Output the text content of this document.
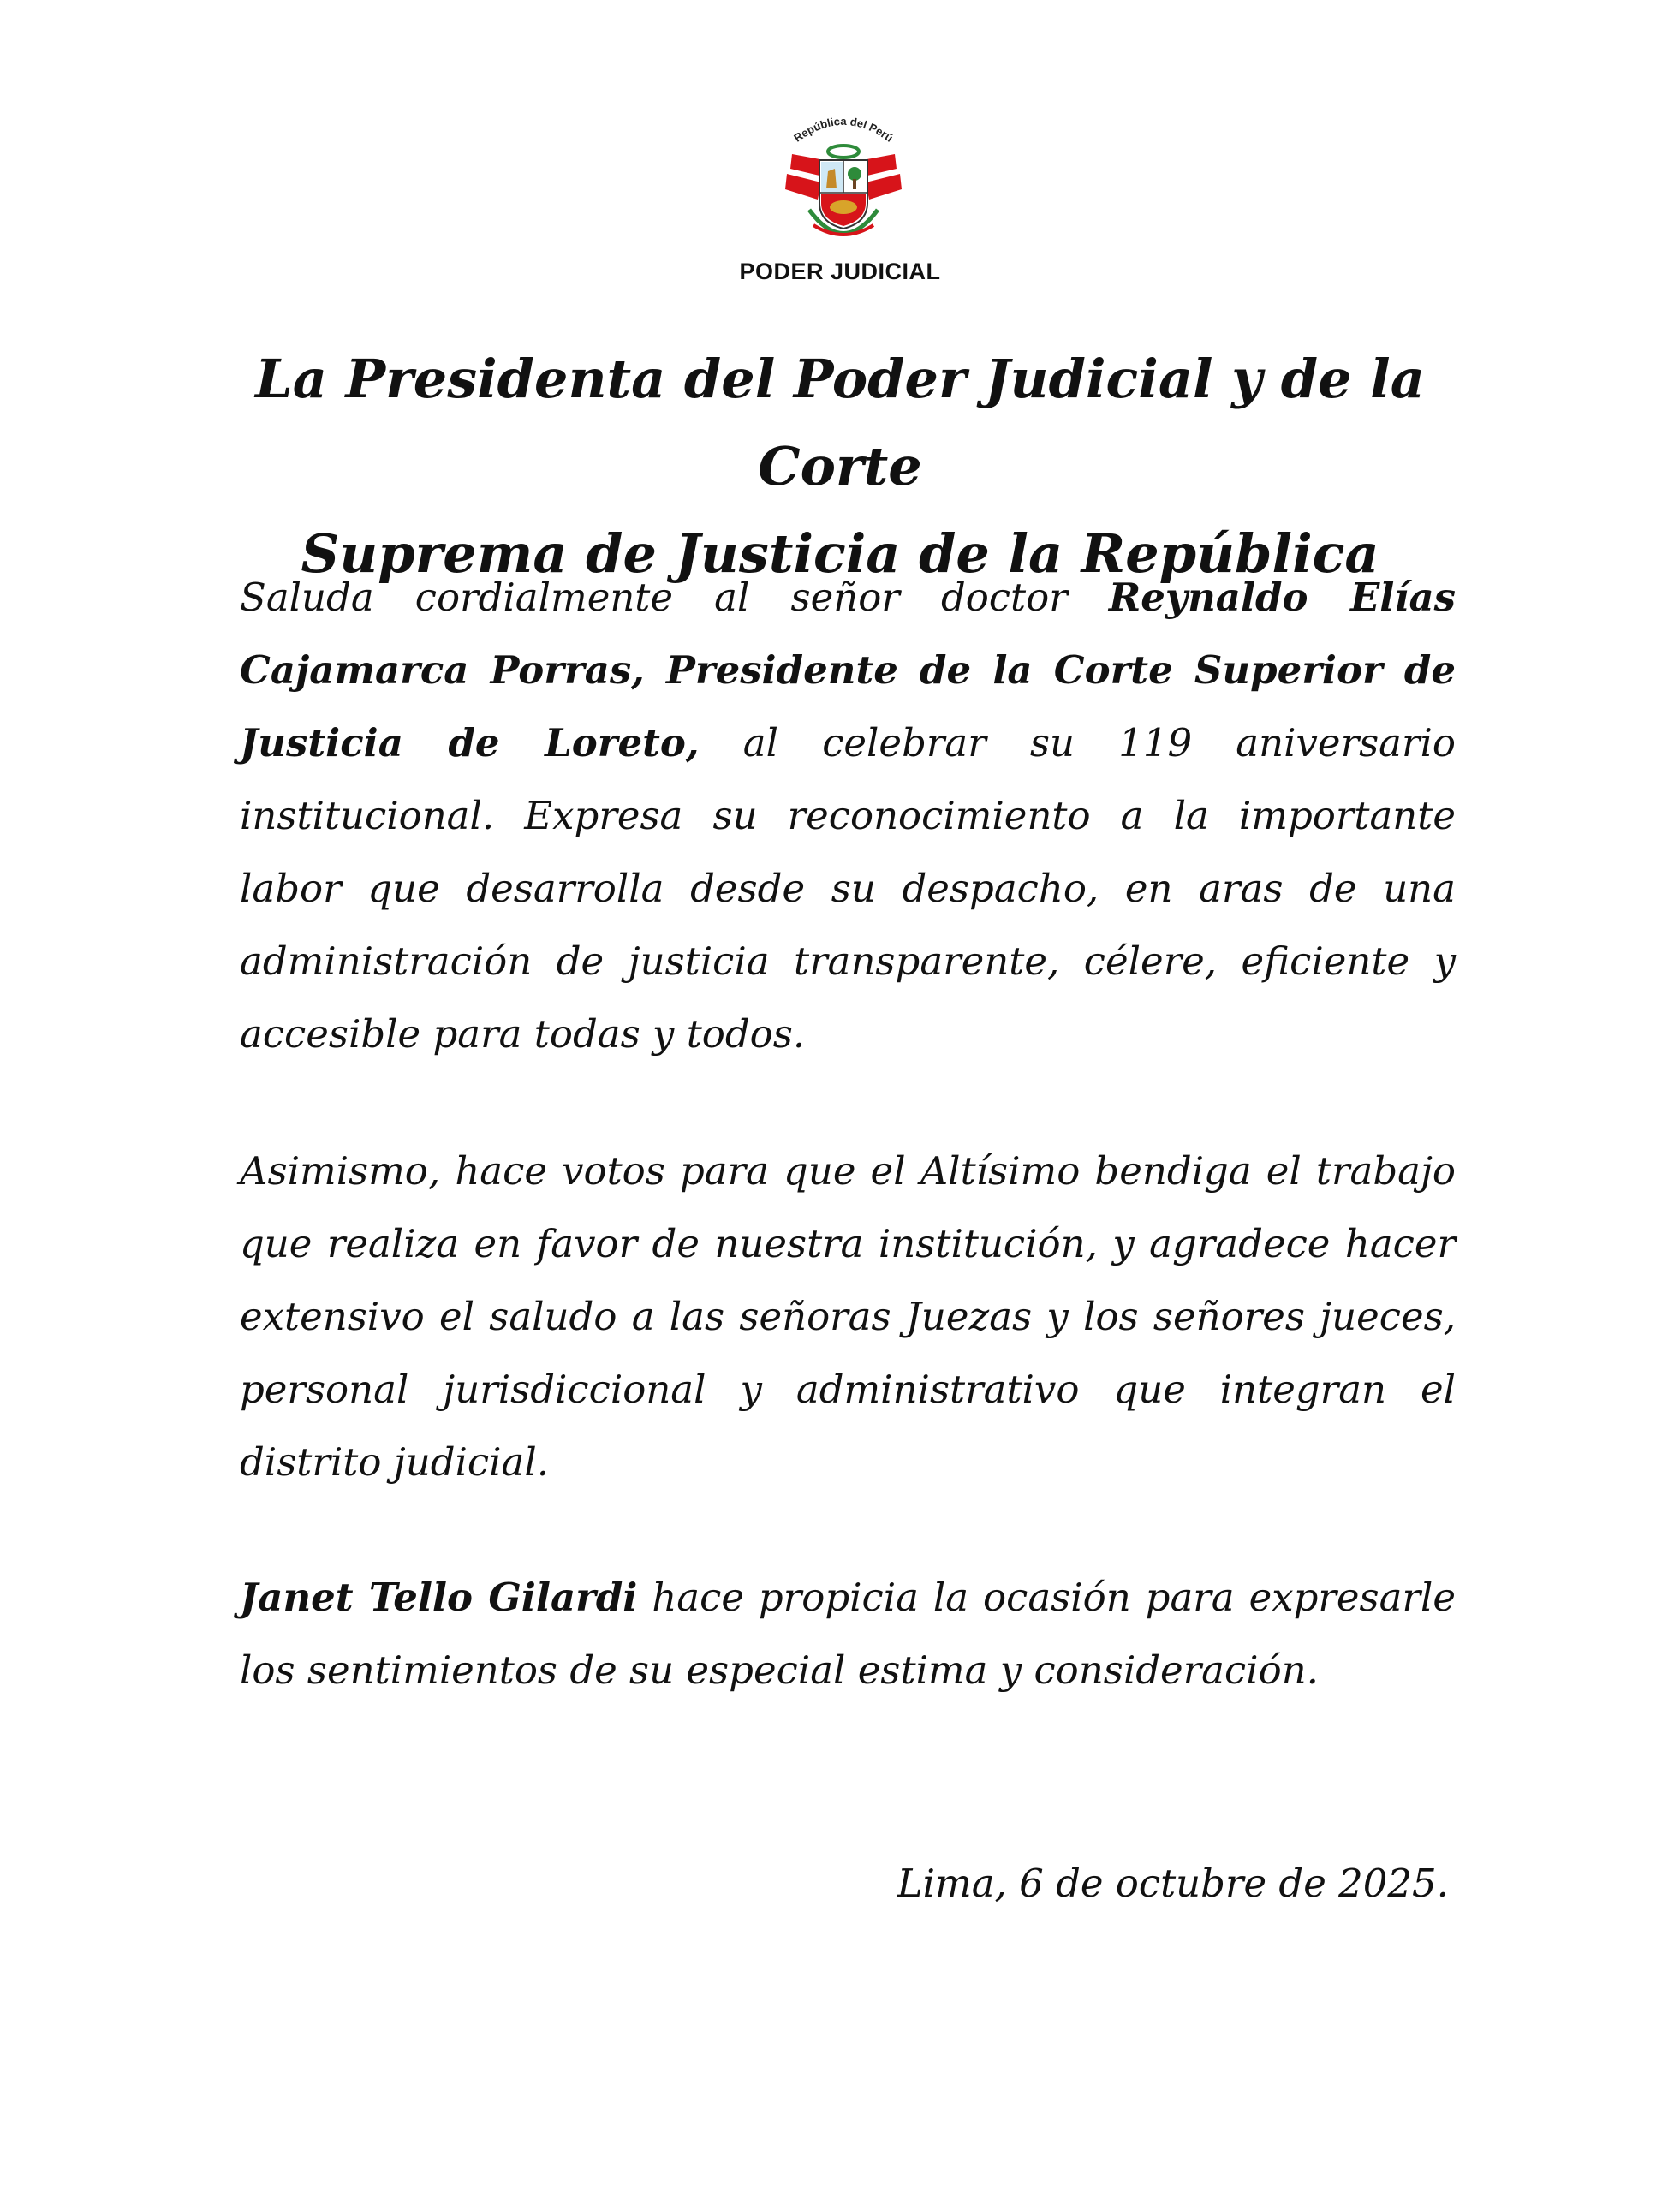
República del Perú
PODER JUDICIAL
La Presidenta del Poder Judicial y de la Corte
Suprema de Justicia de la República

Saluda cordialmente al señor doctor Reynaldo Elías Cajamarca Porras, Presidente de la Corte Superior de Justicia de Loreto, al celebrar su 119 aniversario institucional. Expresa su reconocimiento a la importante labor que desarrolla desde su despacho, en aras de una administración de justicia transparente, célere, eficiente y accesible para todas y todos.

Asimismo, hace votos para que el Altísimo bendiga el trabajo que realiza en favor de nuestra institución, y agradece hacer extensivo el saludo a las señoras Juezas y los señores jueces, personal jurisdiccional y administrativo que integran el distrito judicial.

Janet Tello Gilardi hace propicia la ocasión para expresarle los sentimientos de su especial estima y consideración.

Lima, 6 de octubre de 2025.
